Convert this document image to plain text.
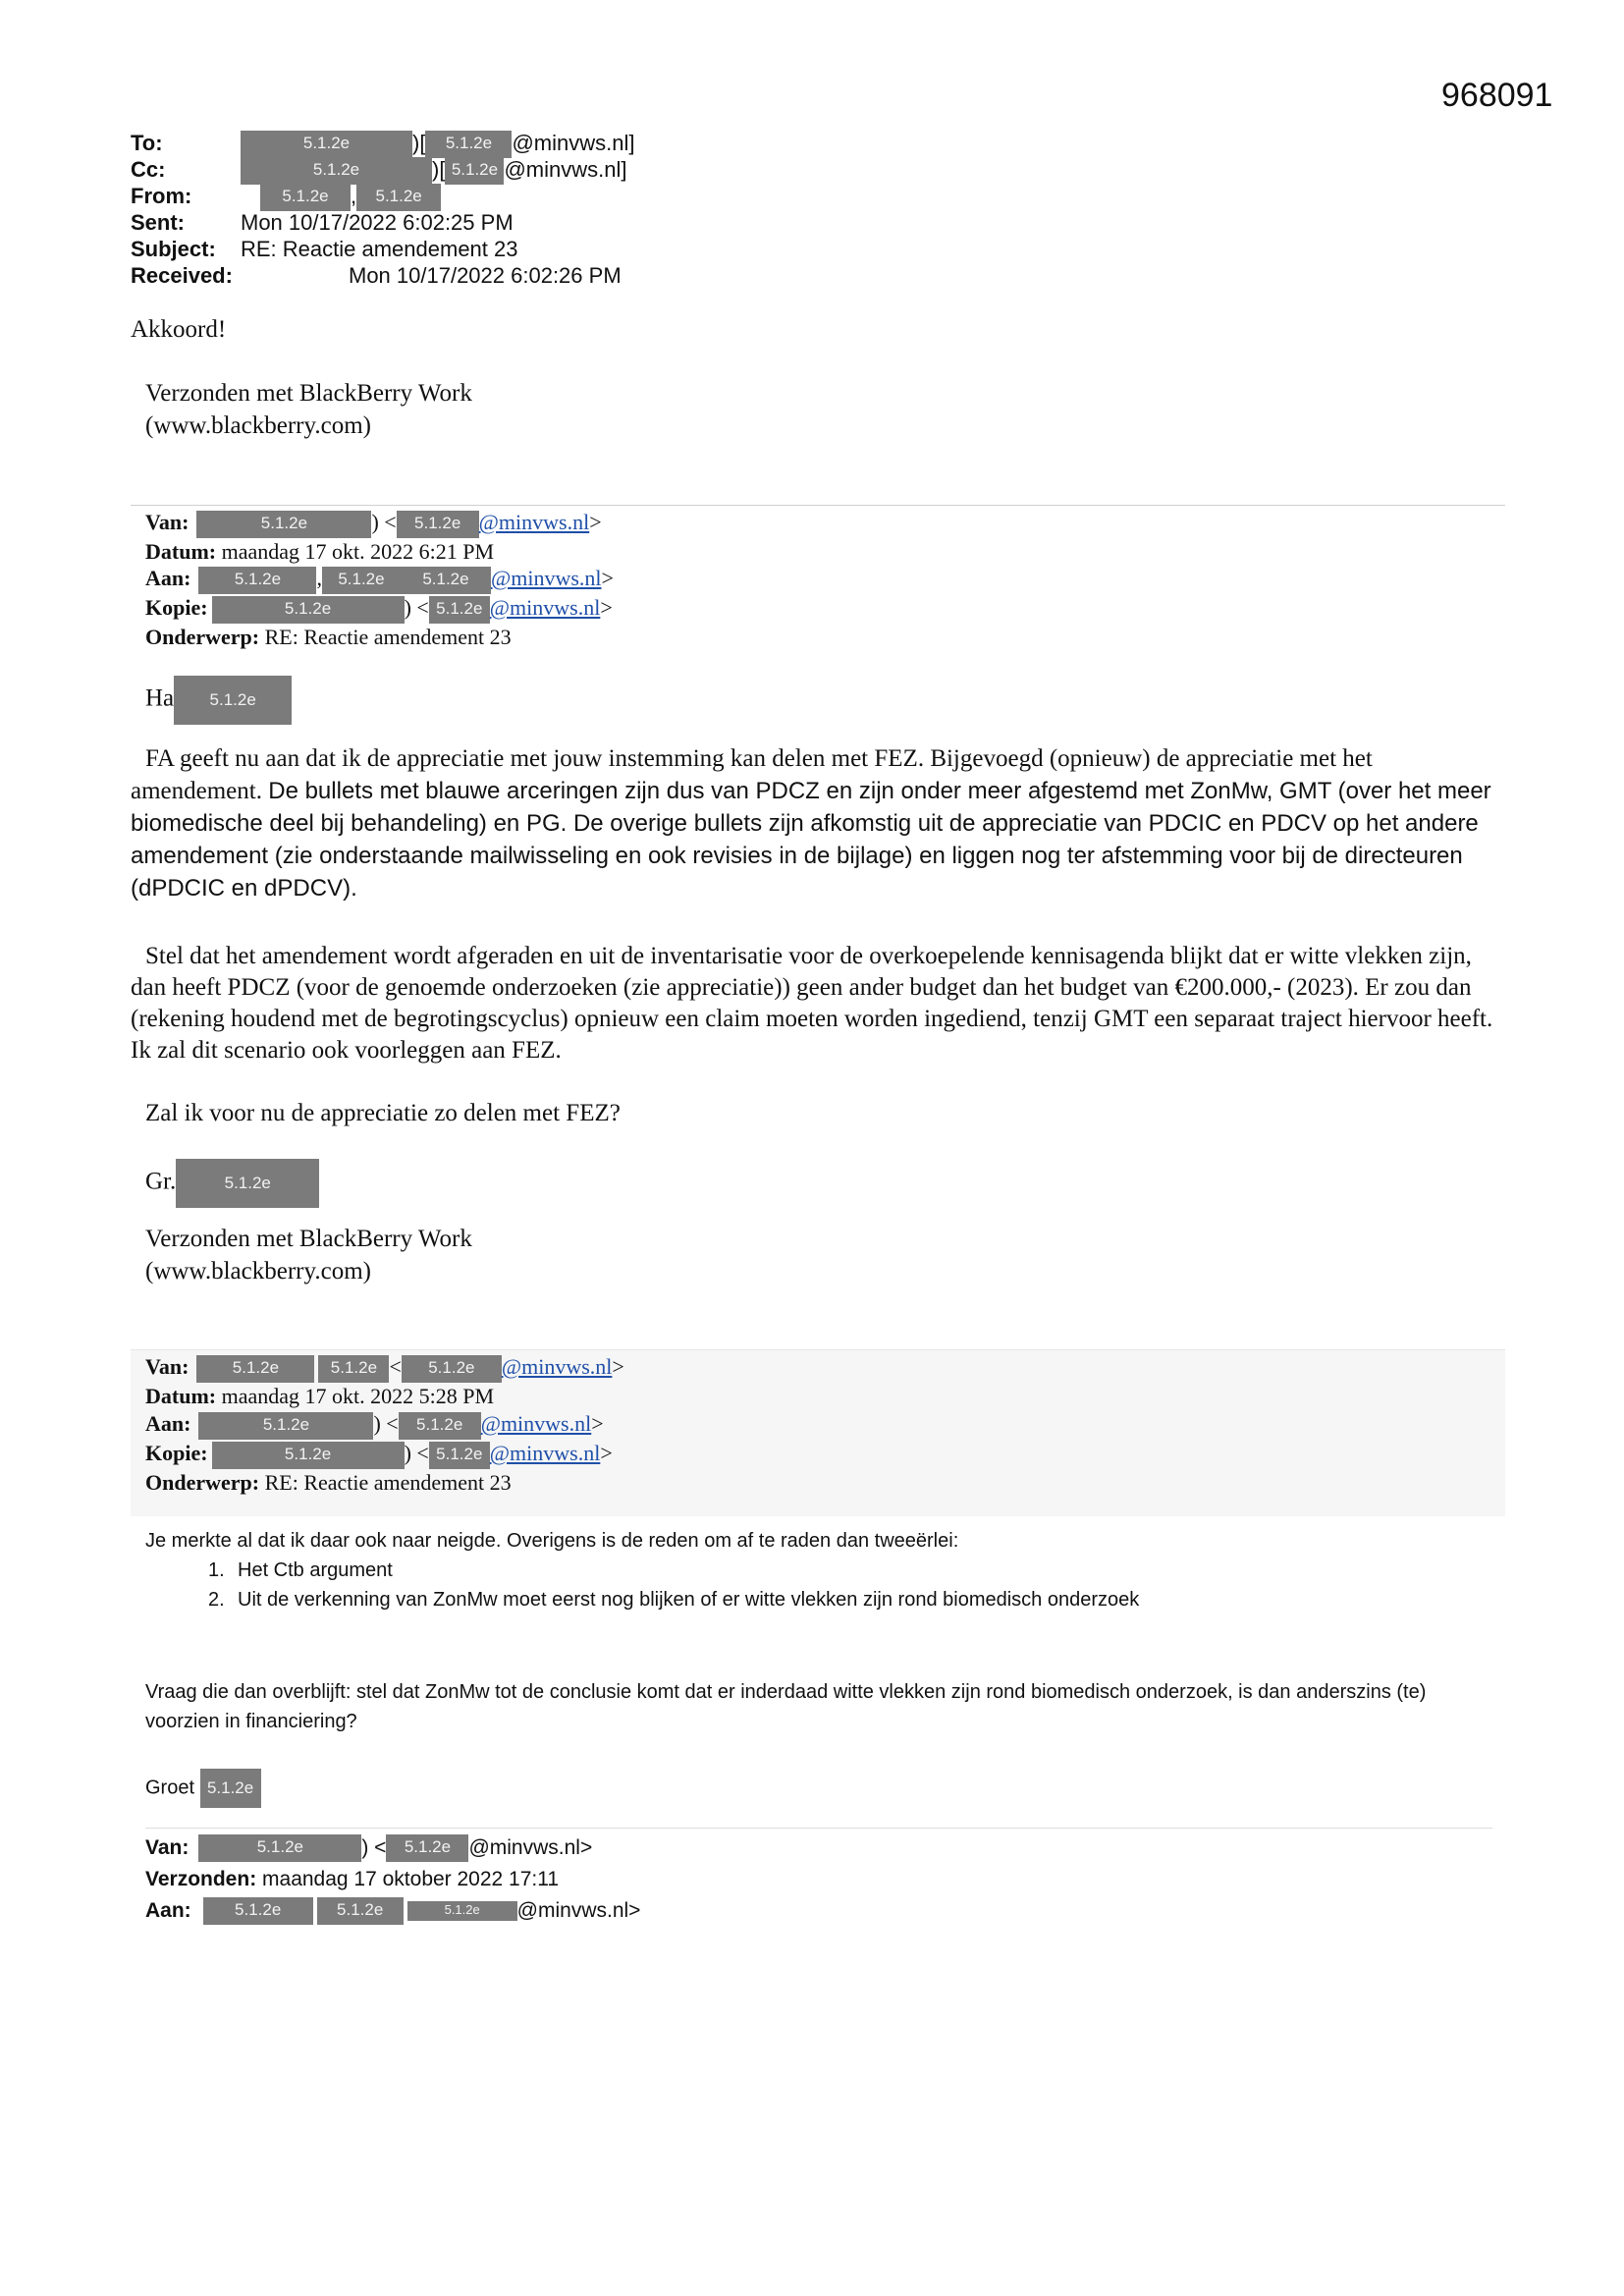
968091
To:	5.1.2e	)[ 5.1.2e @minvws.nl]
Cc:	5.1.2e	)[ 5.1.2e @minvws.nl]
From:	5.1.2e , 5.1.2e
Sent:	Mon 10/17/2022 6:02:25 PM
Subject: RE: Reactie amendement 23
Received:	Mon 10/17/2022 6:02:26 PM
Akkoord!
Verzonden met BlackBerry Work
(www.blackberry.com)
Van:	5.1.2e	) < 5.1.2e @minvws.nl>
Datum: maandag 17 okt. 2022 6:21 PM
Aan:	5.1.2e , 5.1.2e 5.1.2e @minvws.nl>
Kopie:	5.1.2e	) < 5.1.2e @minvws.nl>
Onderwerp: RE: Reactie amendement 23
Ha 5.1.2e
FA geeft nu aan dat ik de appreciatie met jouw instemming kan delen met FEZ. Bijgevoegd (opnieuw) de appreciatie met het amendement. De bullets met blauwe arceringen zijn dus van PDCZ en zijn onder meer afgestemd met ZonMw, GMT (over het meer biomedische deel bij behandeling) en PG. De overige bullets zijn afkomstig uit de appreciatie van PDCIC en PDCV op het andere amendement (zie onderstaande mailwisseling en ook revisies in de bijlage) en liggen nog ter afstemming voor bij de directeuren (dPDCIC en dPDCV).
Stel dat het amendement wordt afgeraden en uit de inventarisatie voor de overkoepelende kennisagenda blijkt dat er witte vlekken zijn, dan heeft PDCZ (voor de genoemde onderzoeken (zie appreciatie)) geen ander budget dan het budget van €200.000,- (2023). Er zou dan (rekening houdend met de begrotingscyclus) opnieuw een claim moeten worden ingediend, tenzij GMT een separaat traject hiervoor heeft. Ik zal dit scenario ook voorleggen aan FEZ.
Zal ik voor nu de appreciatie zo delen met FEZ?
Gr.	5.1.2e
Verzonden met BlackBerry Work
(www.blackberry.com)
Van:	5.1.2e	5.1.2e < 5.1.2e @minvws.nl>
Datum: maandag 17 okt. 2022 5:28 PM
Aan:	5.1.2e	) < 5.1.2e @minvws.nl>
Kopie:	5.1.2e	) < 5.1.2e @minvws.nl>
Onderwerp: RE: Reactie amendement 23
Je merkte al dat ik daar ook naar neigde. Overigens is de reden om af te raden dan tweeërlei:
1. Het Ctb argument
2. Uit de verkenning van ZonMw moet eerst nog blijken of er witte vlekken zijn rond biomedisch onderzoek
Vraag die dan overblijft: stel dat ZonMw tot de conclusie komt dat er inderdaad witte vlekken zijn rond biomedisch onderzoek, is dan anderszins (te) voorzien in financiering?
Groet 5.1.2e
Van:	5.1.2e	) < 5.1.2e @minvws.nl>
Verzonden: maandag 17 oktober 2022 17:11
Aan:	5.1.2e	5.1.2e	5.1.2e @minvws.nl>
